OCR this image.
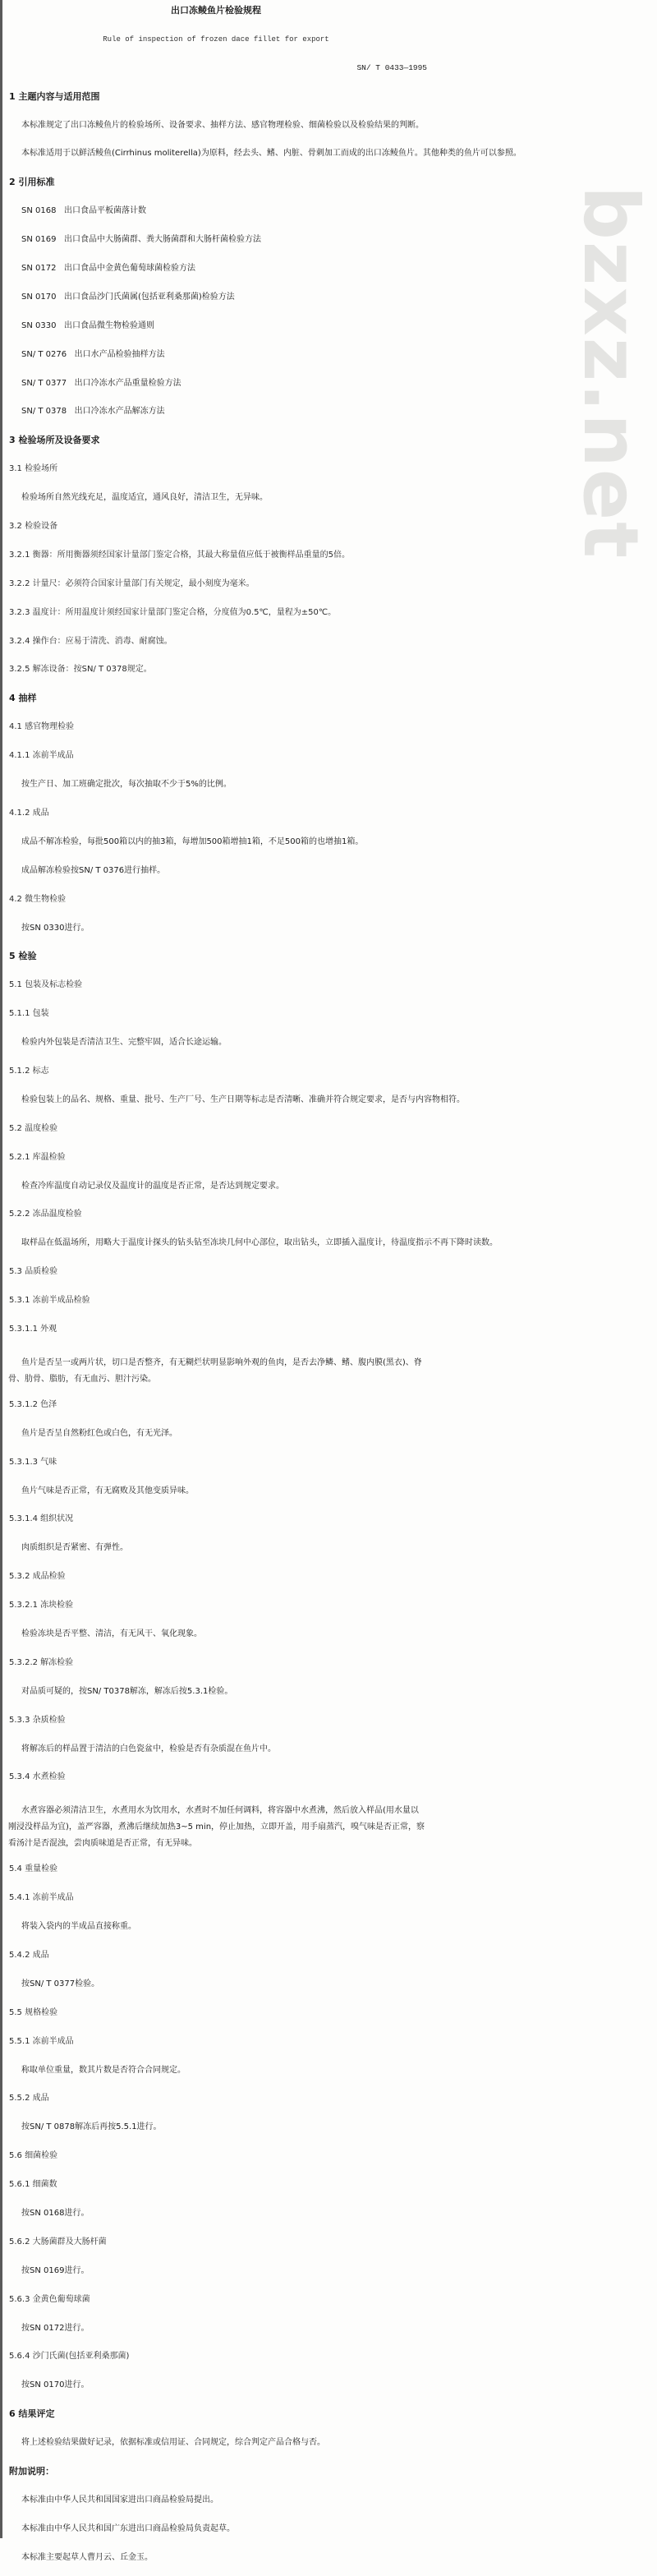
bzxz.net
出口冻鲮鱼片检验规程
Rule of inspection of frozen dace fillet for export
SN/ T 0433—1995
1 主题内容与适用范围
本标准规定了出口冻鲮鱼片的检验场所、设备要求、抽样方法、感官物理检验、细菌检验以及检验结果的判断。
本标准适用于以鲜活鲮鱼(Cirrhinus moliterella)为原料，经去头、鳍、内脏、骨刺加工而成的出口冻鲮鱼片。其他种类的鱼片可以参照。
2 引用标准
SN 0168   出口食品平板菌落计数
SN 0169   出口食品中大肠菌群、粪大肠菌群和大肠杆菌检验方法
SN 0172   出口食品中金黄色葡萄球菌检验方法
SN 0170   出口食品沙门氏菌属(包括亚利桑那菌)检验方法
SN 0330   出口食品微生物检验通则
SN/ T 0276   出口水产品检验抽样方法
SN/ T 0377   出口冷冻水产品重量检验方法
SN/ T 0378   出口冷冻水产品解冻方法
3 检验场所及设备要求
3.1 检验场所
检验场所自然光线充足，温度适宜，通风良好，清洁卫生，无异味。
3.2 检验设备
3.2.1 衡器：所用衡器须经国家计量部门鉴定合格，其最大称量值应低于被衡样品重量的5倍。
3.2.2 计量尺：必须符合国家计量部门有关规定，最小刻度为毫米。
3.2.3 温度计：所用温度计须经国家计量部门鉴定合格，分度值为0.5℃，量程为±50℃。
3.2.4 操作台：应易于清洗、消毒、耐腐蚀。
3.2.5 解冻设备：按SN/ T 0378规定。
4 抽样
4.1 感官物理检验
4.1.1 冻前半成品
按生产日、加工班确定批次，每次抽取不少于5%的比例。
4.1.2 成品
成品不解冻检验，每批500箱以内的抽3箱，每增加500箱增抽1箱，不足500箱的也增抽1箱。
成品解冻检验按SN/ T 0376进行抽样。
4.2 微生物检验
按SN 0330进行。
5 检验
5.1 包装及标志检验
5.1.1 包装
检验内外包装是否清洁卫生、完整牢固，适合长途运输。
5.1.2 标志
检验包装上的品名、规格、重量、批号、生产厂号、生产日期等标志是否清晰、准确并符合规定要求，是否与内容物相符。
5.2 温度检验
5.2.1 库温检验
检查冷库温度自动记录仪及温度计的温度是否正常，是否达到规定要求。
5.2.2 冻品温度检验
取样品在低温场所，用略大于温度计探头的钻头钻至冻块几何中心部位，取出钻头，立即插入温度计，待温度指示不再下降时读数。
5.3 品质检验
5.3.1 冻前半成品检验
5.3.1.1 外观
鱼片是否呈一或两片状，切口是否整齐，有无糊烂状明显影响外观的鱼肉，是否去净鳞、鳍、腹内膜(黑衣)、脊骨、肋骨、脂肪，有无血污、胆汁污染。
5.3.1.2 色泽
鱼片是否呈自然粉红色或白色，有无光泽。
5.3.1.3 气味
鱼片气味是否正常，有无腐败及其他变质异味。
5.3.1.4 组织状况
肉质组织是否紧密、有弹性。
5.3.2 成品检验
5.3.2.1 冻块检验
检验冻块是否平整、清洁，有无风干、氧化现象。
5.3.2.2 解冻检验
对品质可疑的，按SN/ T0378解冻，解冻后按5.3.1检验。
5.3.3 杂质检验
将解冻后的样品置于清洁的白色瓷盆中，检验是否有杂质混在鱼片中。
5.3.4 水煮检验
水煮容器必须清洁卫生，水煮用水为饮用水，水煮时不加任何调料，将容器中水煮沸，然后放入样品(用水量以刚浸没样品为宜)，盖严容器，煮沸后继续加热3~5 min，停止加热，立即开盖，用手扇蒸汽，嗅气味是否正常，察看汤汁是否混浊，尝肉质味道是否正常，有无异味。
5.4 重量检验
5.4.1 冻前半成品
将装入袋内的半成品直接称重。
5.4.2 成品
按SN/ T 0377检验。
5.5 规格检验
5.5.1 冻前半成品
称取单位重量，数其片数是否符合合同规定。
5.5.2 成品
按SN/ T 0878解冻后再按5.5.1进行。
5.6 细菌检验
5.6.1 细菌数
按SN 0168进行。
5.6.2 大肠菌群及大肠杆菌
按SN 0169进行。
5.6.3 金黄色葡萄球菌
按SN 0172进行。
5.6.4 沙门氏菌(包括亚利桑那菌)
按SN 0170进行。
6 结果评定
将上述检验结果做好记录，依据标准或信用证、合同规定，综合判定产品合格与否。
附加说明：
本标准由中华人民共和国国家进出口商品检验局提出。
本标准由中华人民共和国广东进出口商品检验局负责起草。
本标准主要起草人曹月云、丘金玉。
